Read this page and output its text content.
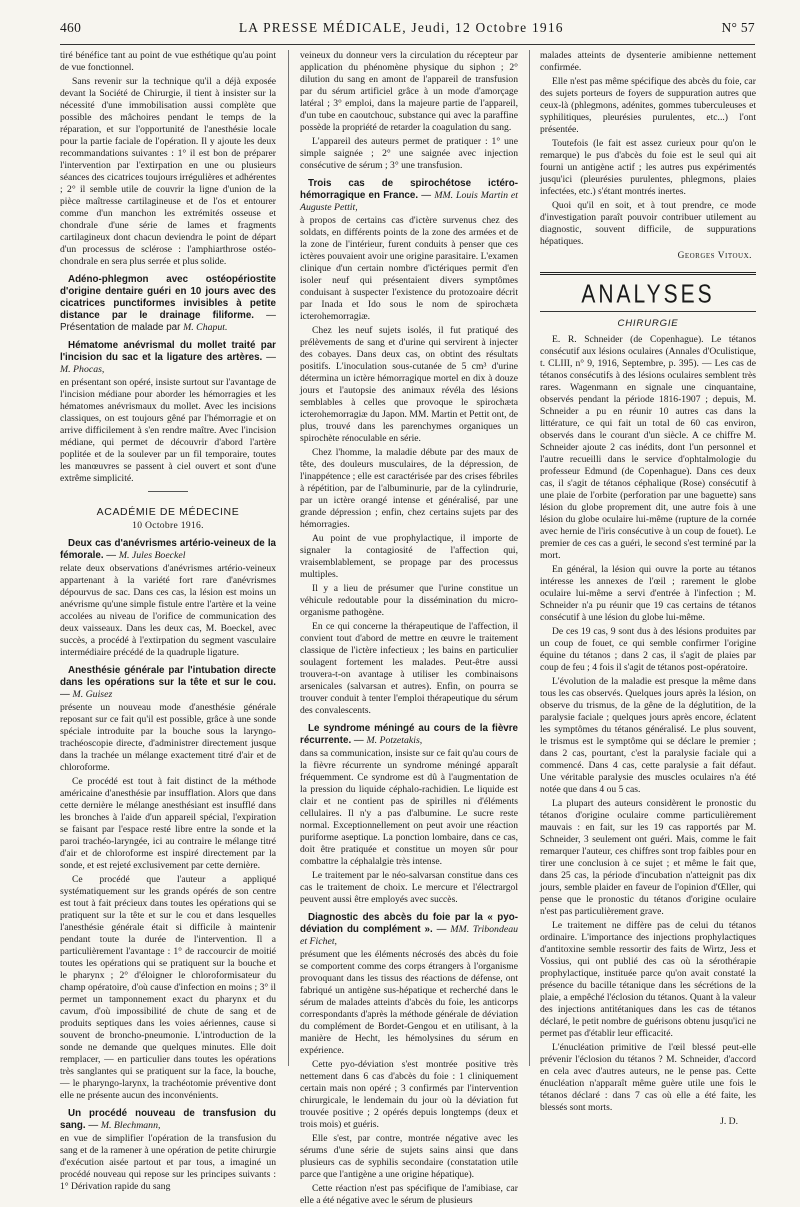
460	LA PRESSE MÉDICALE, Jeudi, 12 Octobre 1916	N° 57

tiré bénéfice tant au point de vue esthétique qu'au point de vue fonctionnel.

Sans revenir sur la technique qu'il a déjà exposée devant la Société de Chirurgie, il tient à insister sur la nécessité d'une immobilisation aussi complète que possible des mâchoires pendant le temps de la réparation, et sur l'opportunité de l'anesthésie locale pour la partie faciale de l'opération. Il y ajoute les deux recommandations suivantes : 1° il est bon de préparer l'intervention par l'extirpation en une ou plusieurs séances des cicatrices toujours irrégulières et adhérentes ; 2° il semble utile de couvrir la ligne d'union de la pièce maîtresse cartilagineuse et de l'os et entourer comme d'un manchon les extrémités osseuse et chondrale d'une série de lames et fragments cartilagineux dont chacun deviendra le point de départ d'un processus de sclérose : l'amphiarthrose ostéo-chondrale en sera plus serrée et plus solide.

Adéno-phlegmon avec ostéopériostite d'origine dentaire guéri en 10 jours avec des cicatrices punctiformes invisibles à petite distance par le drainage filiforme. — Présentation de malade par M. Chaput.
Hématome anévrismal du mollet traité par l'incision du sac et la ligature des artères. — M. Phocas,

en présentant son opéré, insiste surtout sur l'avantage de l'incision médiane pour aborder les hémorragies et les hématomes anévrismaux du mollet. Avec les incisions classiques, on est toujours gêné par l'hémorragie et on arrive difficilement à s'en rendre maître. Avec l'incision médiane, qui permet de découvrir d'abord l'artère poplitée et de la soulever par un fil temporaire, toutes les manœuvres se passent à ciel ouvert et sont d'une extrême simplicité.

ACADÉMIE DE MÉDECINE
10 Octobre 1916.
Deux cas d'anévrismes artério-veineux de la fémorale. — M. Jules Boeckel

relate deux observations d'anévrismes artério-veineux appartenant à la variété fort rare d'anévrismes dépourvus de sac. Dans ces cas, la lésion est moins un anévrisme qu'une simple fistule entre l'artère et la veine accolées au niveau de l'orifice de communication des deux vaisseaux. Dans les deux cas, M. Boeckel, avec succès, a procédé à l'extirpation du segment vasculaire intermédiaire précédé de la quadruple ligature.

Anesthésie générale par l'intubation directe dans les opérations sur la tête et sur le cou. — M. Guisez

présente un nouveau mode d'anesthésie générale reposant sur ce fait qu'il est possible, grâce à une sonde spéciale introduite par la bouche sous la laryngo-trachéoscopie directe, d'administrer directement jusque dans la trachée un mélange exactement titré d'air et de chloroforme.

Ce procédé est tout à fait distinct de la méthode américaine d'anesthésie par insufflation. Alors que dans cette dernière le mélange anesthésiant est insufflé dans les bronches à l'aide d'un appareil spécial, l'expiration se faisant par l'espace resté libre entre la sonde et la paroi trachéo-laryngée, ici au contraire le mélange titré d'air et de chloroforme est inspiré directement par la sonde, et est rejeté exclusivement par cette dernière.

Ce procédé que l'auteur a appliqué systématiquement sur les grands opérés de son centre est tout à fait précieux dans toutes les opérations qui se pratiquent sur la tête et sur le cou et dans lesquelles l'anesthésie générale était si difficile à maintenir pendant toute la durée de l'intervention. Il a particulièrement l'avantage : 1° de raccourcir de moitié toutes les opérations qui se pratiquent sur la bouche et le pharynx ; 2° d'éloigner le chloroformisateur du champ opératoire, d'où cause d'infection en moins ; 3° il permet un tamponnement exact du pharynx et du cavum, d'où impossibilité de chute de sang et de produits septiques dans les voies aériennes, cause si souvent de broncho-pneumonie. L'introduction de la sonde ne demande que quelques minutes. Elle doit remplacer, — en particulier dans toutes les opérations très sanglantes qui se pratiquent sur la face, la bouche, — le pharyngo-larynx, la trachéotomie préventive dont elle ne présente aucun des inconvénients.

Un procédé nouveau de transfusion du sang. — M. Blechmann,

en vue de simplifier l'opération de la transfusion du sang et de la ramener à une opération de petite chirurgie d'exécution aisée partout et par tous, a imaginé un procédé nouveau qui repose sur les principes suivants : 1° Dérivation rapide du sang

veineux du donneur vers la circulation du récepteur par application du phénomène physique du siphon ; 2° dilution du sang en amont de l'appareil de transfusion par du sérum artificiel grâce à un mode d'amorçage latéral ; 3° emploi, dans la majeure partie de l'appareil, d'un tube en caoutchouc, substance qui avec la paraffine possède la propriété de retarder la coagulation du sang.

L'appareil des auteurs permet de pratiquer : 1° une simple saignée ; 2° une saignée avec injection consécutive de sérum ; 3° une transfusion.

Trois cas de spirochétose ictéro-hémorragique en France. — MM. Louis Martin et Auguste Pettit,

à propos de certains cas d'ictère survenus chez des soldats, en différents points de la zone des armées et de la zone de l'intérieur, furent conduits à penser que ces ictères pouvaient avoir une origine parasitaire. L'examen clinique d'un certain nombre d'ictériques permit d'en isoler neuf qui présentaient divers symptômes conduisant à suspecter l'existence du protozoaire décrit par Inada et Ido sous le nom de spirochæta icterohemorragiæ.

Chez les neuf sujets isolés, il fut pratiqué des prélèvements de sang et d'urine qui servirent à injecter des cobayes. Dans deux cas, on obtint des résultats positifs. L'inoculation sous-cutanée de 5 cm³ d'urine détermina un ictère hémorragique mortel en dix à douze jours et l'autopsie des animaux révéla des lésions semblables à celles que provoque le spirochæta icterohemorragiæ du Japon. MM. Martin et Pettit ont, de plus, trouvé dans les parenchymes organiques un spirochète rénoculable en série.

Chez l'homme, la maladie débute par des maux de tête, des douleurs musculaires, de la dépression, de l'inappétence ; elle est caractérisée par des crises fébriles à répétition, par de l'albuminurie, par de la cylindrurie, par un ictère orangé intense et généralisé, par une grande dépression ; enfin, chez certains sujets par des hémorragies.

Au point de vue prophylactique, il importe de signaler la contagiosité de l'affection qui, vraisemblablement, se propage par des processus multiples.

Il y a lieu de présumer que l'urine constitue un véhicule redoutable pour la dissémination du micro-organisme pathogène.

En ce qui concerne la thérapeutique de l'affection, il convient tout d'abord de mettre en œuvre le traitement classique de l'ictère infectieux ; les bains en particulier soulagent fortement les malades. Peut-être aussi trouvera-t-on avantage à utiliser les combinaisons arsenicales (salvarsan et autres). Enfin, on pourra se trouver conduit à tenter l'emploi thérapeutique du sérum des convalescents.

Le syndrome méningé au cours de la fièvre récurrente. — M. Potzetakis,

dans sa communication, insiste sur ce fait qu'au cours de la fièvre récurrente un syndrome méningé apparaît fréquemment. Ce syndrome est dû à l'augmentation de la pression du liquide céphalo-rachidien. Le liquide est clair et ne contient pas de spirilles ni d'éléments cellulaires. Il n'y a pas d'albumine. Le sucre reste normal. Exceptionnellement on peut avoir une réaction puriforme aseptique. La ponction lombaire, dans ce cas, doit être pratiquée et constitue un moyen sûr pour combattre la céphalalgie très intense.

Le traitement par le néo-salvarsan constitue dans ces cas le traitement de choix. Le mercure et l'électrargol peuvent aussi être employés avec succès.

Diagnostic des abcès du foie par la « pyo-déviation du complément ». — MM. Tribondeau et Fichet,

présument que les éléments nécrosés des abcès du foie se comportent comme des corps étrangers à l'organisme provoquant dans les tissus des réactions de défense, ont fabriqué un antigène sus-hépatique et recherché dans le sérum de malades atteints d'abcès du foie, les anticorps correspondants d'après la méthode générale de déviation du complément de Bordet-Gengou et en utilisant, à la manière de Hecht, les hémolysines du sérum en expérience.

Cette pyo-déviation s'est montrée positive très nettement dans 6 cas d'abcès du foie : 1 cliniquement certain mais non opéré ; 3 confirmés par l'intervention chirurgicale, le lendemain du jour où la déviation fut trouvée positive ; 2 opérés depuis longtemps (deux et trois mois) et guéris.

Elle s'est, par contre, montrée négative avec les sérums d'une série de sujets sains ainsi que dans plusieurs cas de syphilis secondaire (constatation utile parce que l'antigène a une origine hépatique).

Cette réaction n'est pas spécifique de l'amibiase, car elle a été négative avec le sérum de plusieurs

malades atteints de dysenterie amibienne nettement confirmée.

Elle n'est pas même spécifique des abcès du foie, car des sujets porteurs de foyers de suppuration autres que ceux-là (phlegmons, adénites, gommes tuberculeuses et syphilitiques, pleurésies purulentes, etc...) l'ont présentée.

Toutefois (le fait est assez curieux pour qu'on le remarque) le pus d'abcès du foie est le seul qui ait fourni un antigène actif ; les autres pus expérimentés jusqu'ici (pleurésies purulentes, phlegmons, plaies infectées, etc.) s'étant montrés inertes.

Quoi qu'il en soit, et à tout prendre, ce mode d'investigation paraît pouvoir contribuer utilement au diagnostic, souvent difficile, de suppurations hépatiques.

Georges Vitoux.
ANALYSES
CHIRURGIE

E. R. Schneider (de Copenhague). Le tétanos consécutif aux lésions oculaires (Annales d'Oculistique, t. CLIII, n° 9, 1916, Septembre, p. 395). — Les cas de tétanos consécutifs à des lésions oculaires semblent très rares. Wagenmann en signale une cinquantaine, observés pendant la période 1816-1907 ; depuis, M. Schneider a pu en réunir 10 autres cas dans la littérature, ce qui fait un total de 60 cas environ, observés dans le courant d'un siècle. A ce chiffre M. Schneider ajoute 2 cas inédits, dont l'un personnel et l'autre recueilli dans le service d'ophtalmologie du professeur Edmund (de Copenhague). Dans ces deux cas, il s'agit de tétanos céphalique (Rose) consécutif à une plaie de l'orbite (perforation par une baguette) sans lésion du globe proprement dit, une autre fois à une lésion du globe oculaire lui-même (rupture de la cornée avec hernie de l'iris consécutive à un coup de fouet). Le premier de ces cas a guéri, le second s'est terminé par la mort.

En général, la lésion qui ouvre la porte au tétanos intéresse les annexes de l'œil ; rarement le globe oculaire lui-même a servi d'entrée à l'infection ; M. Schneider n'a pu réunir que 19 cas certains de tétanos consécutif à une lésion du globe lui-même.

De ces 19 cas, 9 sont dus à des lésions produites par un coup de fouet, ce qui semble confirmer l'origine équine du tétanos ; dans 2 cas, il s'agit de plaies par coup de feu ; 4 fois il s'agit de tétanos post-opératoire.

L'évolution de la maladie est presque la même dans tous les cas observés. Quelques jours après la lésion, on observe du trismus, de la gêne de la déglutition, de la paralysie faciale ; quelques jours après encore, éclatent les symptômes du tétanos généralisé. Le plus souvent, le trismus est le symptôme qui se déclare le premier ; dans 2 cas, pourtant, c'est la paralysie faciale qui a commencé. Dans 4 cas, cette paralysie a fait défaut. Une véritable paralysie des muscles oculaires n'a été notée que dans 4 ou 5 cas.

La plupart des auteurs considèrent le pronostic du tétanos d'origine oculaire comme particulièrement mauvais : en fait, sur les 19 cas rapportés par M. Schneider, 3 seulement ont guéri. Mais, comme le fait remarquer l'auteur, ces chiffres sont trop faibles pour en tirer une conclusion à ce sujet ; et même le fait que, dans 25 cas, la période d'incubation n'atteignit pas dix jours, semble plaider en faveur de l'opinion d'Œller, qui pense que le pronostic du tétanos d'origine oculaire n'est pas particulièrement grave.

Le traitement ne diffère pas de celui du tétanos ordinaire. L'importance des injections prophylactiques d'antitoxine semble ressortir des faits de Wirtz, Jess et Vossius, qui ont publié des cas où la sérothérapie prophylactique, instituée parce qu'on avait constaté la présence du bacille tétanique dans les sécrétions de la plaie, a empêché l'éclosion du tétanos. Quant à la valeur des injections antitétaniques dans les cas de tétanos déclaré, le petit nombre de guérisons obtenu jusqu'ici ne permet pas d'établir leur efficacité.

L'énucléation primitive de l'œil blessé peut-elle prévenir l'éclosion du tétanos ? M. Schneider, d'accord en cela avec d'autres auteurs, ne le pense pas. Cette énucléation n'apparaît même guère utile une fois le tétanos déclaré : dans 7 cas où elle a été faite, les blessés sont morts.

J. D.
